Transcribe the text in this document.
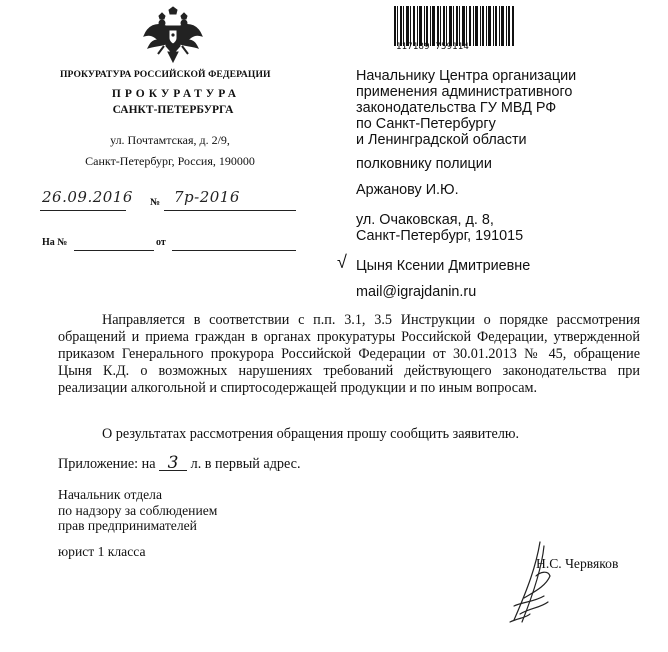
ПРОКУРАТУРА РОССИЙСКОЙ ФЕДЕРАЦИИ
ПРОКУРАТУРА
САНКТ-ПЕТЕРБУРГА
ул. Почтамтская, д. 2/9,
Санкт-Петербург, Россия, 190000
26.09.2016 № 7р-2016
На №	от
117189 759114
Начальнику Центра организации
применения административного
законодательства ГУ МВД РФ
по Санкт-Петербургу
и Ленинградской области
полковнику полиции
Аржанову И.Ю.
ул. Очаковская, д. 8,
Санкт-Петербург, 191015
√ Цыня Ксении Дмитриевне
mail@igrajdanin.ru
Направляется в соответствии с п.п. 3.1, 3.5 Инструкции о порядке рассмотрения обращений и приема граждан в органах прокуратуры Российской Федерации, утвержденной приказом Генерального прокурора Российской Федерации от 30.01.2013 № 45, обращение Цыня К.Д. о возможных нарушениях требований действующего законодательства при реализации алкогольной и спиртосодержащей продукции и по иным вопросам.
О результатах рассмотрения обращения прошу сообщить заявителю.
Приложение: на 3 л. в первый адрес.
Начальник отдела
по надзору за соблюдением
прав предпринимателей
юрист 1 класса
Н.С. Червяков
